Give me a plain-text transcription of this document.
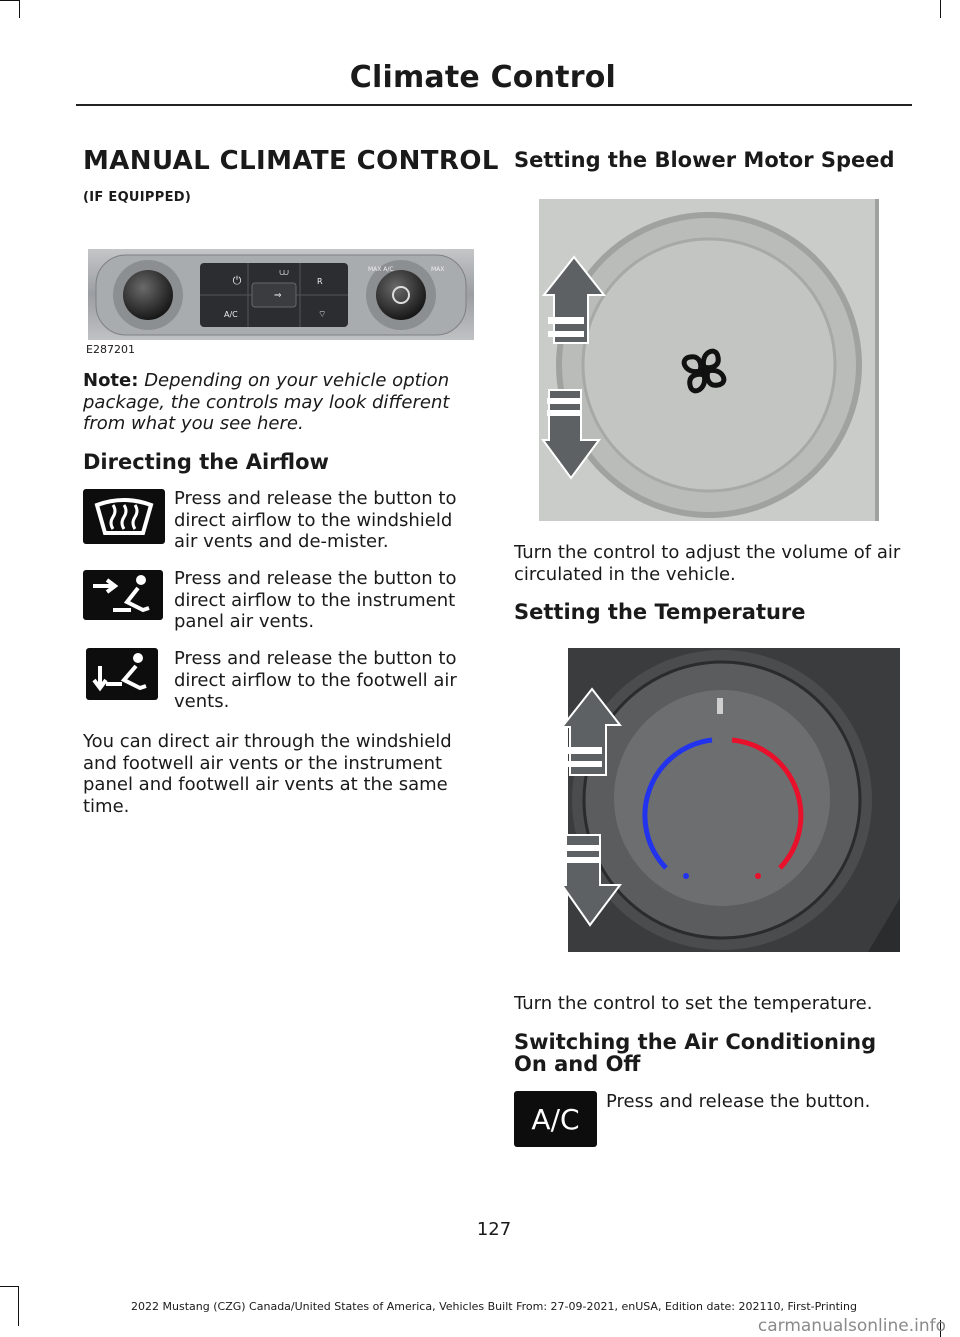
Climate Control
MANUAL CLIMATE CONTROL
(IF EQUIPPED)
⏻
⩊
⇒
A/C
R
MAX A/C	MAX
⌔
E287201
Note: Depending on your vehicle option package, the controls may look different from what you see here.
Directing the Airflow
Press and release the button to direct airflow to the windshield air vents and de-mister.
Press and release the button to direct airflow to the instrument panel air vents.
Press and release the button to direct airflow to the footwell air vents.
You can direct air through the windshield and footwell air vents or the instrument panel and footwell air vents at the same time.
Setting the Blower Motor Speed
Turn the control to adjust the volume of air circulated in the vehicle.
Setting the Temperature
Turn the control to set the temperature.
Switching the Air Conditioning On and Off
A/C
Press and release the button.
127
2022 Mustang (CZG) Canada/United States of America, Vehicles Built From: 27-09-2021, enUSA, Edition date: 202110, First-Printing
carmanualsonline.info
